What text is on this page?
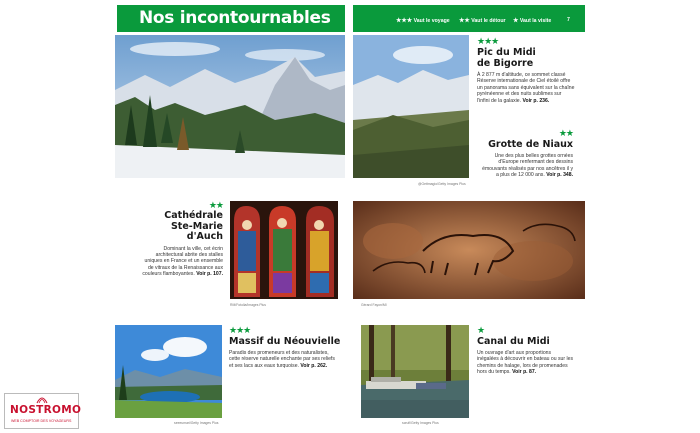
Nos incontournables	★★★ Vaut le voyage ★★ Vaut le détour ★ Vaut la visite	7
@Gettmagio/Getty Images Plus
★★★
Pic du Midi
de Bigorre
À 2 877 m d'altitude, ce sommet classé Réserve internationale de Ciel étoilé offre un panorama sans équivalent sur la chaîne pyrénéenne et des nuits sublimes sur l'infini de la galaxie. Voir p. 236.
★★
Grotte de Niaux
Une des plus belles grottes ornées d'Europe renfermant des dessins émouvants réalisés par nos ancêtres il y a plus de 12 000 ans. Voir p. 348.
★★
Cathédrale
Ste-Marie d'Auch
Dominant la ville, cet écrin architectural abrite des stalles uniques en France et un ensemble de vitraux de la Renaissance aux couleurs flamboyantes. Voir p. 107.
RM/Fotolia/Images Plus	Gérard Fayon/MI
seeeumari/Getty Images Plus
★★★
Massif du Néouvielle
Paradis des promeneurs et des naturalistes, cette réserve naturelle enchante par ses reliefs et ses lacs aux eaux turquoise. Voir p. 262.
scrufi/Getty Images Plus
★
Canal du Midi
Un ouvrage d'art aux proportions inégalées à découvrir en bateau ou sur les chemins de halage, lors de promenades hors du temps. Voir p. 87.
NOSTROMO
WEB COMPTOIR DES VOYAGEURS
